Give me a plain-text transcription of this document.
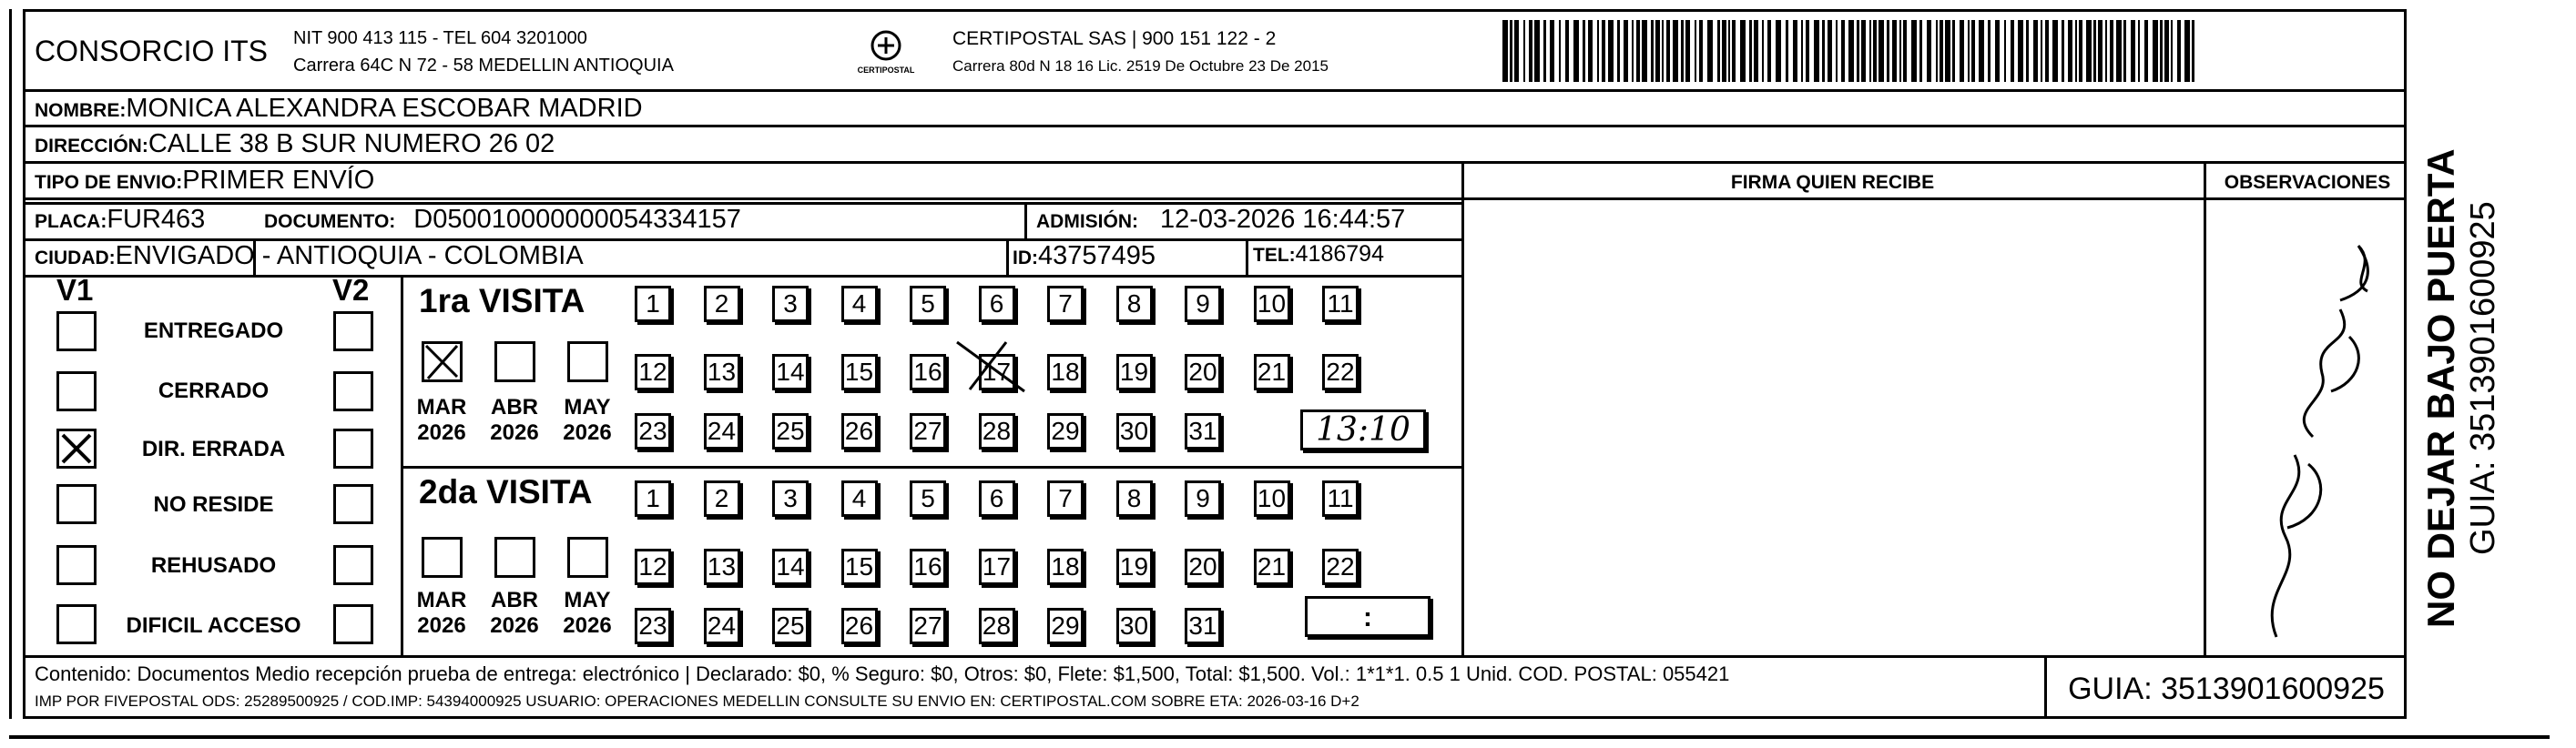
CONSORCIO ITS NIT 900 413 115 - TEL 604 3201000
Carrera 64C N 72 - 58 MEDELLIN ANTIOQUIA	CERTIPOSTAL
CERTIPOSTAL SAS | 900 151 122 - 2
Carrera 80d N 18 16 Lic. 2519 De Octubre 23 De 2015
NOMBRE:MONICA ALEXANDRA ESCOBAR MADRID
DIRECCIÓN:CALLE 38 B SUR NUMERO 26 02
TIPO DE ENVIO:PRIMER ENVÍO
PLACA:FUR463	DOCUMENTO: D050010000000054334157	ADMISIÓN: 12-03-2026 16:44:57
CIUDAD:ENVIGADO - ANTIOQUIA - COLOMBIA	ID:43757495	TEL:4186794
FIRMA QUIEN RECIBE	OBSERVACIONES
V1	V2
ENTREGADO
CERRADO
DIR. ERRADA
NO RESIDE
REHUSADO
DIFICIL ACCESO
1ra VISITA
MAR
2026
ABR
2026
MAY
2026
1	2	3	4	5	6	7	8	9	10 11
12 13 14 15 16 17 18 19 20 21 22
23 24 25 26 27 28 29 30 31	13:10
2da VISITA
MAR
2026
ABR
2026
MAY
2026
1	2	3	4	5	6	7	8	9	10 11
12 13 14 15 16 17 18 19 20 21 22
23 24 25 26 27 28 29 30 31	:
Contenido: Documentos Medio recepción prueba de entrega: electrónico | Declarado: $0, % Seguro: $0, Otros: $0, Flete: $1,500, Total: $1,500. Vol.: 1*1*1. 0.5 1 Unid. COD. POSTAL: 055421
IMP POR FIVEPOSTAL ODS: 25289500925 / COD.IMP: 54394000925 USUARIO: OPERACIONES MEDELLIN CONSULTE SU ENVIO EN: CERTIPOSTAL.COM SOBRE ETA: 2026-03-16 D+2	GUIA: 3513901600925
NO DEJAR BAJO PUERTA GUIA: 3513901600925
